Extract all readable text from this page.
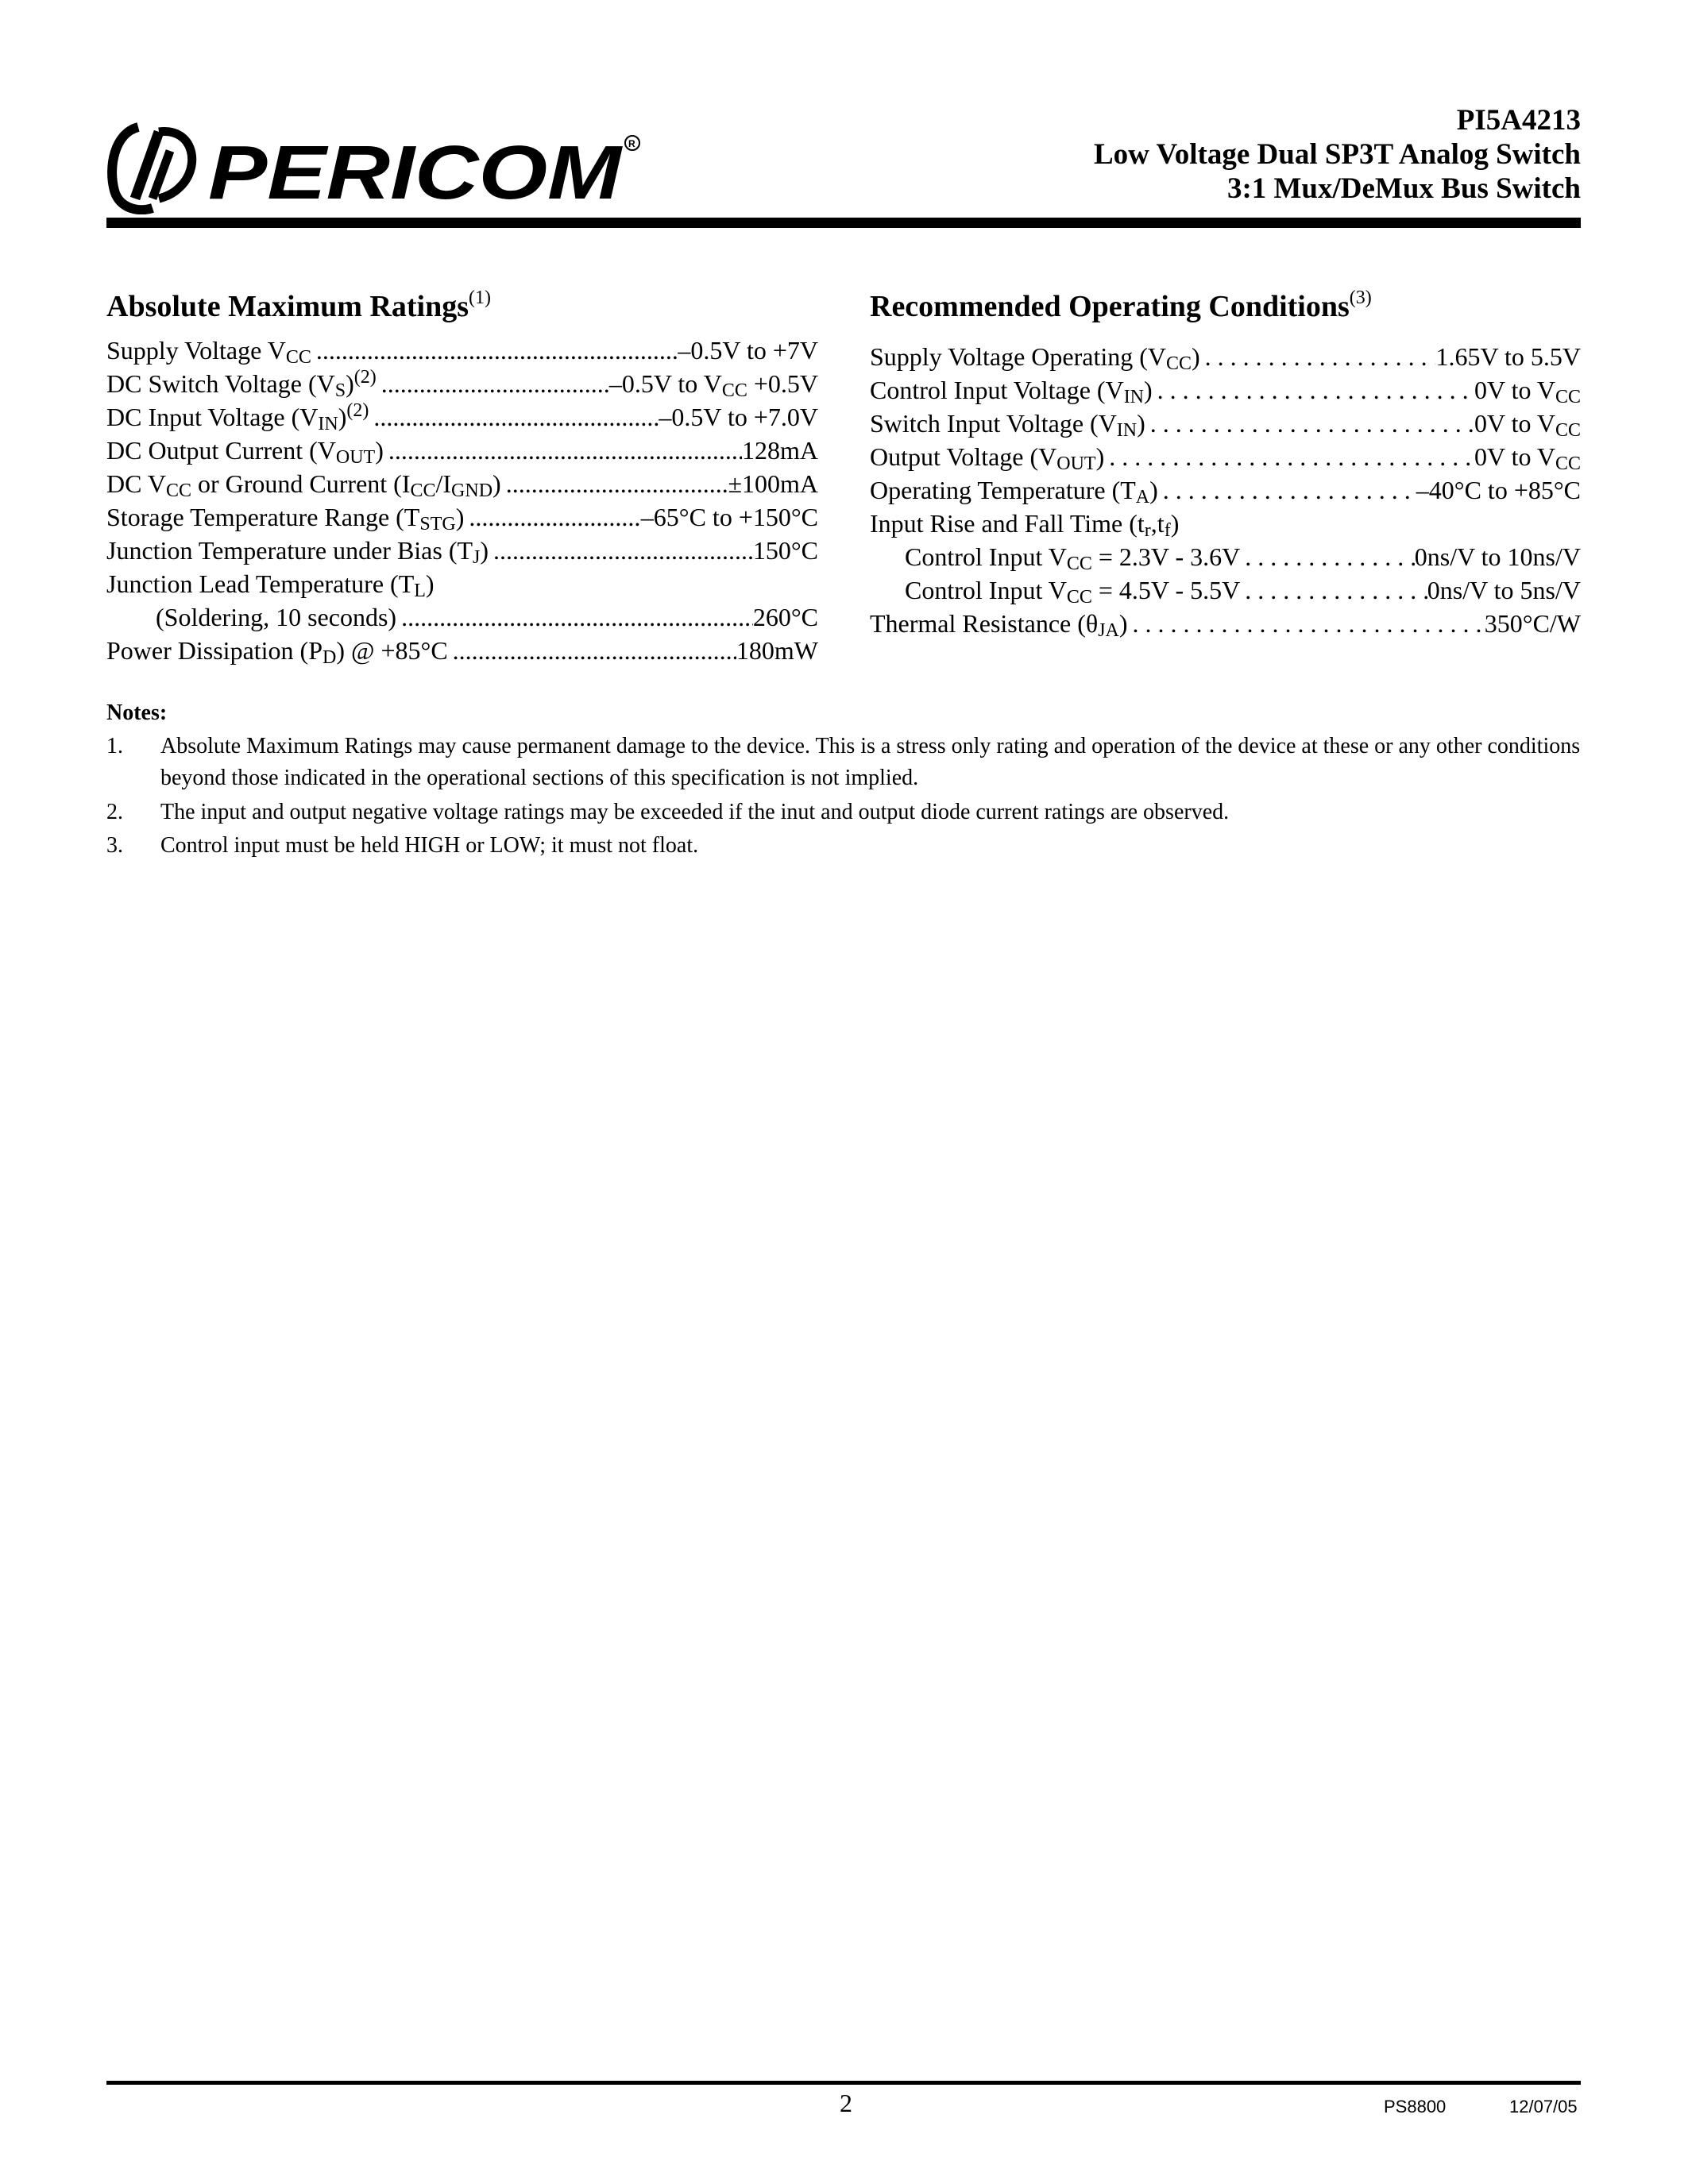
PERICOM R
PI5A4213
Low Voltage Dual SP3T Analog Switch
3:1 Mux/DeMux Bus Switch
Absolute Maximum Ratings$^{(1)}$
Supply Voltage $V_{CC}$ .....	–0.5V to +7V
DC Switch Voltage $(V_S)^{(2)}$ .....	–0.5V to $V_{CC} +0.5V$
DC Input Voltage $(V_{IN})^{(2)}$ .....	–0.5V to +7.0V
DC Output Current $(V_{OUT})$ .....	128mA
DC $V_{CC}$ or Ground Current $(I_{CC}/I_{GND})$ .....	±100mA
Storage Temperature Range $(T_{STG})$ .....	–65°C to +150°C
Junction Temperature under Bias $(T_J)$ .....	150°C
Junction Lead Temperature $(T_L)$
(Soldering, 10 seconds) .....	260°C
Power Dissipation $(P_D)$ @ +85°C .....	180mW
Recommended Operating Conditions$^{(3)}$
Supply Voltage Operating $(V_{CC})$ . . .	1.65V to 5.5V
Control Input Voltage $(V_{IN})$ . . .	0V to $V_{CC}$
Switch Input Voltage $(V_{IN})$ . . .	0V to $V_{CC}$
Output Voltage $(V_{OUT})$ . . .	0V to $V_{CC}$
Operating Temperature $(T_A)$ . . .	–40°C to +85°C
Input Rise and Fall Time $(t_r,t_f)$
Control Input $V_{CC} = 2.3V - 3.6V$ . . .	0ns/V to 10ns/V
Control Input $V_{CC} = 4.5V - 5.5V$ . . .	0ns/V to 5ns/V
Thermal Resistance $(\theta_{JA})$ . . .	350°C/W
Notes:
1. Absolute Maximum Ratings may cause permanent damage to the device. This is a stress only rating and operation of the device at these or any other conditions beyond those indicated in the operational sections of this specification is not implied.
2. The input and output negative voltage ratings may be exceeded if the inut and output diode current ratings are observed.
3. Control input must be held HIGH or LOW; it must not float.
2	PS8800	12/07/05
